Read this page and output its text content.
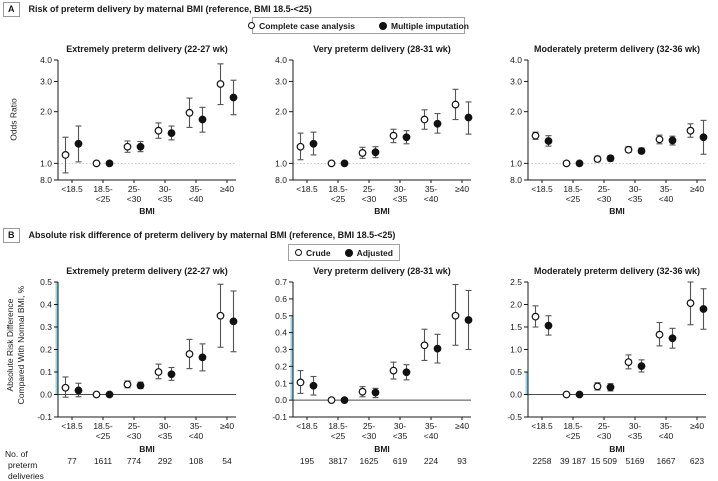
A	Risk of preterm delivery by maternal BMI (reference, BMI 18.5-<25)
Complete case analysis	Multiple imputation
Odds Ratio
Extremely preterm delivery (22-27 wk)
4.0
3.0
2.0
1.0
8.0
<18.5 18.5-
<25
25-
<30
30-
<35
35-
<40
≥40
BMI
Very preterm delivery (28-31 wk)
4.0
3.0
2.0
1.0
8.0
<18.5 18.5-
<25
25-
<30
30-
<35
35-
<40
≥40
BMI
Moderately preterm delivery (32-36 wk)
4.0
3.0
2.0
1.0
8.0
<18.5 18.5-
<25
25-
<30
30-
<35
35-
<40
≥40
BMI
B	Absolute risk difference of preterm delivery by maternal BMI (reference, BMI 18.5-<25)
Crude	Adjusted
Absolute Risk Difference Compared With Normal BMI, %
Extremely preterm delivery (22-27 wk)
0.5
0.4
0.3
0.2
0.1
0.0
-0.1
<18.5
77
18.5-
<25
1611
25-
<30
774
30-
<35
292
35-
<40
108
≥40
54
BMI
Very preterm delivery (28-31 wk)
0.7
0.6
0.5
0.4
0.3
0.2
0.1
0.0
-0.1
<18.5
195
18.5-
<25
3817
25-
<30
1625
30-
<35
619
35-
<40
224
≥40
93
BMI
Moderately preterm delivery (32-36 wk)
2.5
2.0
1.5
1.0
0.5
0.0
-0.5
<18.5
2258
18.5-
<25
39 187
25-
<30
15 509
30-
<35
5169
35-
<40
1667
≥40
623
BMI
No. of
preterm
deliveries
